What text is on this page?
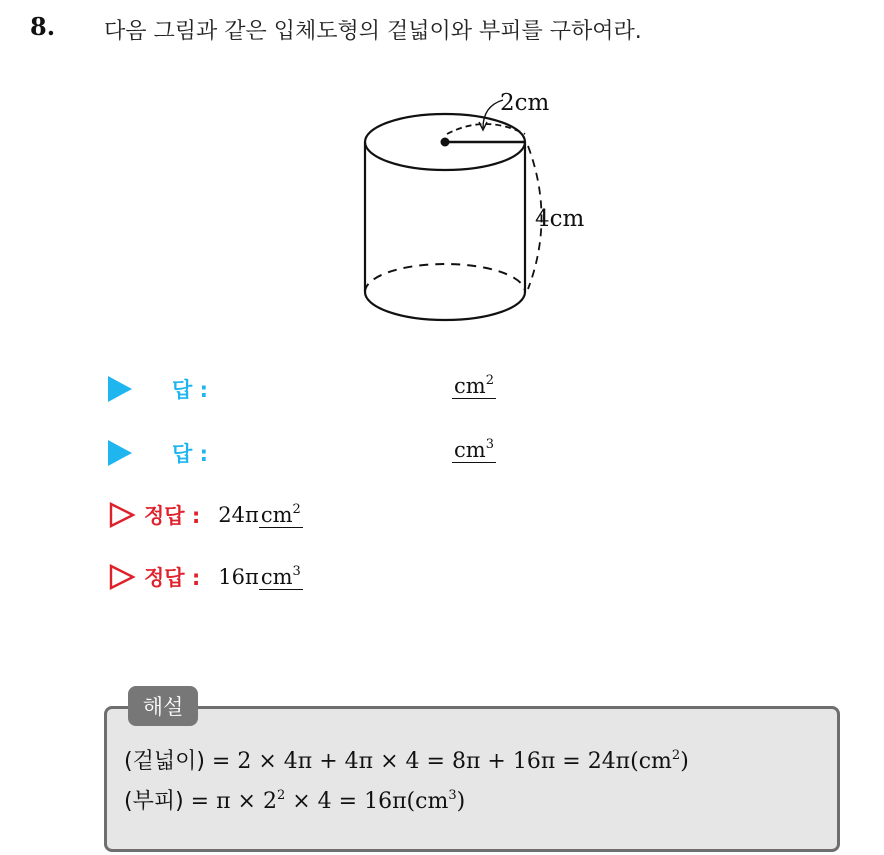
8. 다음 그림과 같은 입체도형의 겉넓이와 부피를 구하여라.
2cm
4cm
답 :	$cm^2$
답 :	$cm^3$
정답 : 24πcm$^2$
정답 : 16πcm$^3$
해설
(겉넓이) = $2 \times 4\pi + 4\pi \times 4 = 8\pi + 16\pi = 24\pi(cm^2)$
(부피) = $\pi \times 2^2 \times 4 = 16\pi(cm^3)$
